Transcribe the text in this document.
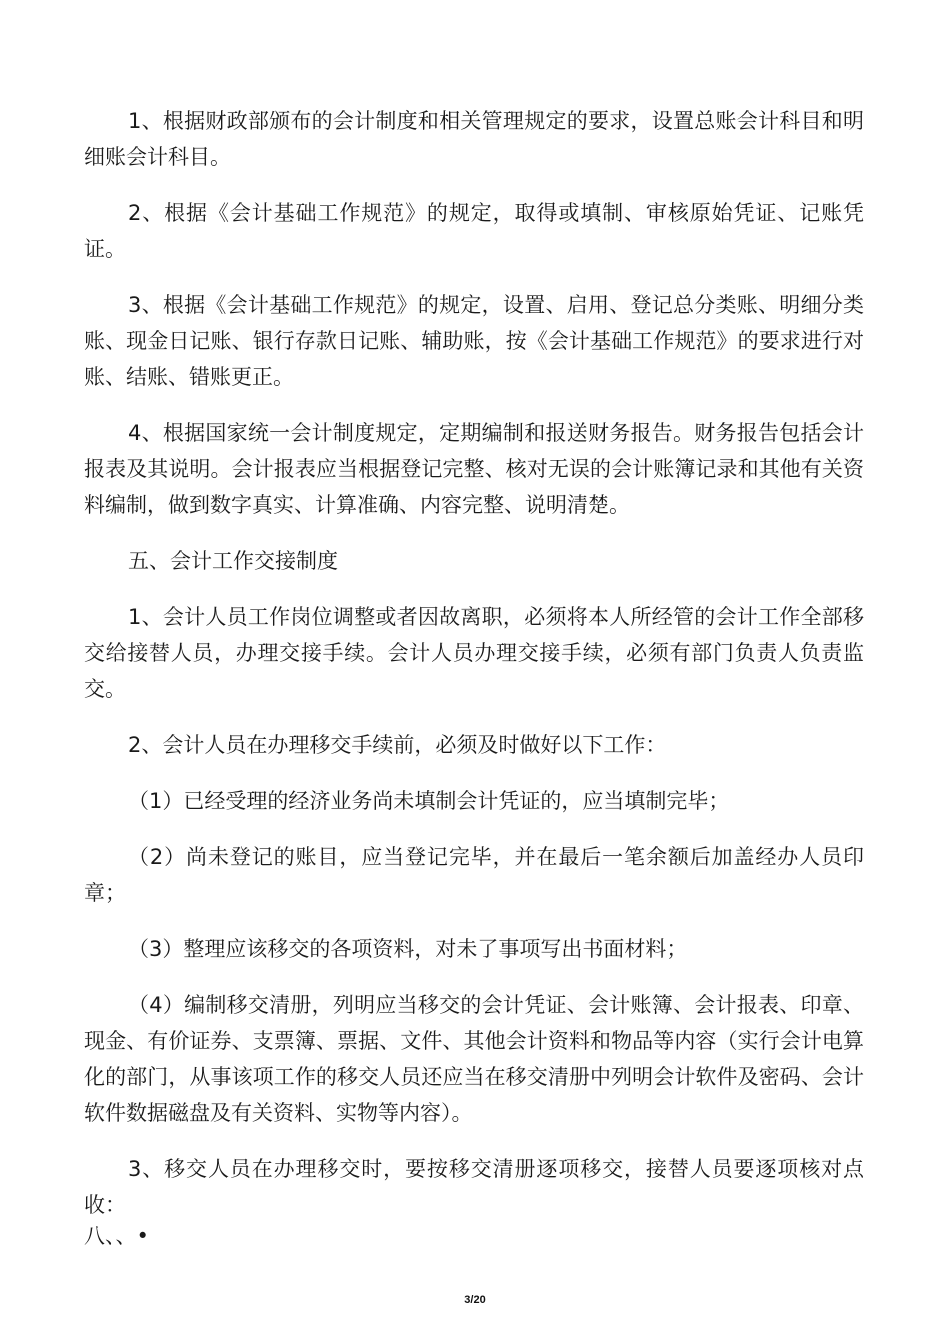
1、根据财政部颁布的会计制度和相关管理规定的要求，设置总账会计科目和明细账会计科目。

2、根据《会计基础工作规范》的规定，取得或填制、审核原始凭证、记账凭证。

3、根据《会计基础工作规范》的规定，设置、启用、登记总分类账、明细分类账、现金日记账、银行存款日记账、辅助账，按《会计基础工作规范》的要求进行对账、结账、错账更正。

4、根据国家统一会计制度规定，定期编制和报送财务报告。财务报告包括会计报表及其说明。会计报表应当根据登记完整、核对无误的会计账簿记录和其他有关资料编制，做到数字真实、计算准确、内容完整、说明清楚。

五、会计工作交接制度

1、会计人员工作岗位调整或者因故离职，必须将本人所经管的会计工作全部移交给接替人员，办理交接手续。会计人员办理交接手续，必须有部门负责人负责监交。

2、会计人员在办理移交手续前，必须及时做好以下工作：

（1）已经受理的经济业务尚未填制会计凭证的，应当填制完毕；

（2）尚未登记的账目，应当登记完毕，并在最后一笔余额后加盖经办人员印章；

（3）整理应该移交的各项资料，对未了事项写出书面材料；

（4）编制移交清册，列明应当移交的会计凭证、会计账簿、会计报表、印章、现金、有价证券、支票簿、票据、文件、其他会计资料和物品等内容（实行会计电算化的部门，从事该项工作的移交人员还应当在移交清册中列明会计软件及密码、会计软件数据磁盘及有关资料、实物等内容）。

3、移交人员在办理移交时，要按移交清册逐项移交，接替人员要逐项核对点收：

八、、•
3/20
